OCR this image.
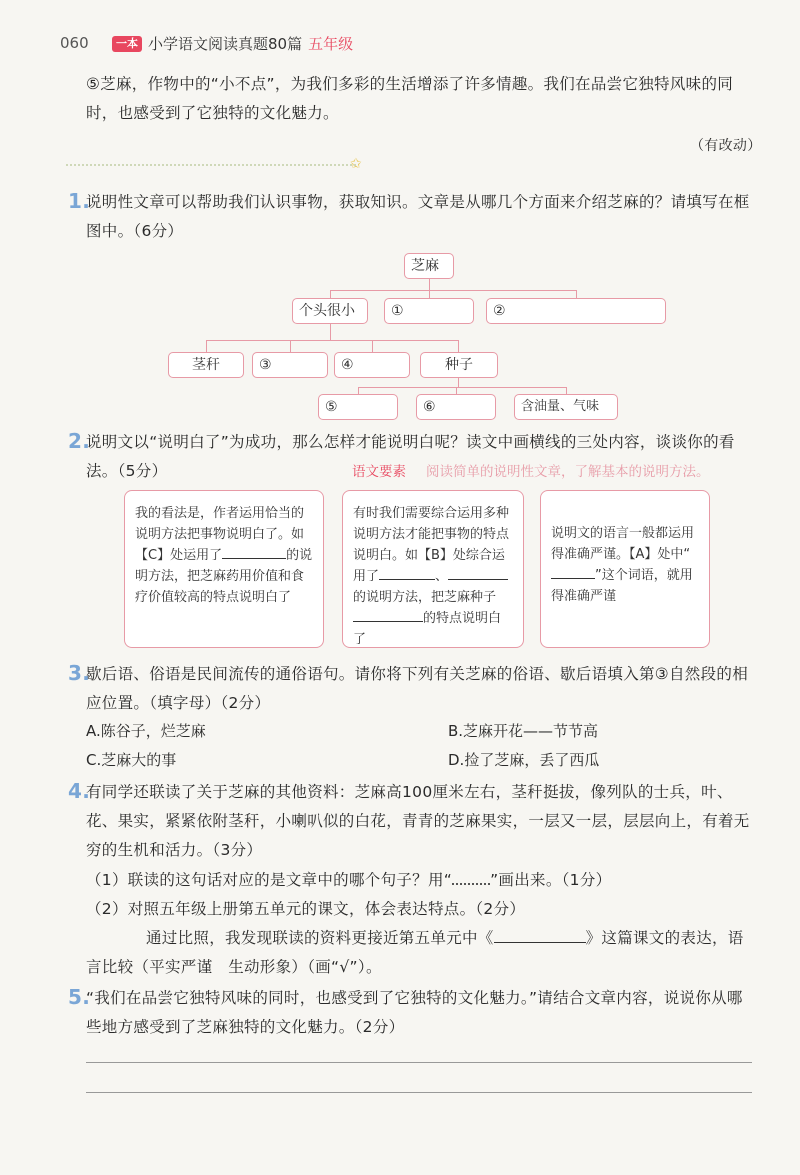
060	一本 小学语文阅读真题80篇 五年级
⑤芝麻，作物中的“小不点”，为我们多彩的生活增添了许多情趣。我们在品尝它独特风味的同时，也感受到了它独特的文化魅力。
（有改动）
✩
1.
说明性文章可以帮助我们认识事物，获取知识。文章是从哪几个方面来介绍芝麻的？请填写在框图中。（6分）
芝麻
个头很小	①	②
茎秆	③	④	种子
⑤	⑥	含油量、气味
2.
说明文以“说明白了”为成功，那么怎样才能说明白呢？读文中画横线的三处内容，谈谈你的看法。（5分）	语文要素 阅读简单的说明性文章，了解基本的说明方法。
我的看法是，作者运用恰当的说明方法把事物说明白了。如【C】处运用了	的说明方法，把芝麻药用价值和食疗价值较高的特点说明白了
有时我们需要综合运用多种说明方法才能把事物的特点说明白。如【B】处综合运用了	、的说明方法，把芝麻种子的特点说明白了
说明文的语言一般都运用得准确严谨。【A】处中“”这个词语，就用得准确严谨
3.
歇后语、俗语是民间流传的通俗语句。请你将下列有关芝麻的俗语、歇后语填入第③自然段的相应位置。（填字母）（2分）
A.陈谷子，烂芝麻	B.芝麻开花——节节高
C.芝麻大的事	D.捡了芝麻，丢了西瓜
4.
有同学还联读了关于芝麻的其他资料：芝麻高100厘米左右，茎秆挺拔，像列队的士兵，叶、花、果实，紧紧依附茎秆，小喇叭似的白花，青青的芝麻果实，一层又一层，层层向上，有着无穷的生机和活力。（3分）
（1）联读的这句话对应的是文章中的哪个句子？用“ ”画出来。（1分）
（2）对照五年级上册第五单元的课文，体会表达特点。（2分）
通过比照，我发现联读的资料更接近第五单元中《	》这篇课文的表达，语言比较（平实严谨　生动形象）（画“√”）。
5.
“我们在品尝它独特风味的同时，也感受到了它独特的文化魅力。”请结合文章内容，说说你从哪些地方感受到了芝麻独特的文化魅力。（2分）
